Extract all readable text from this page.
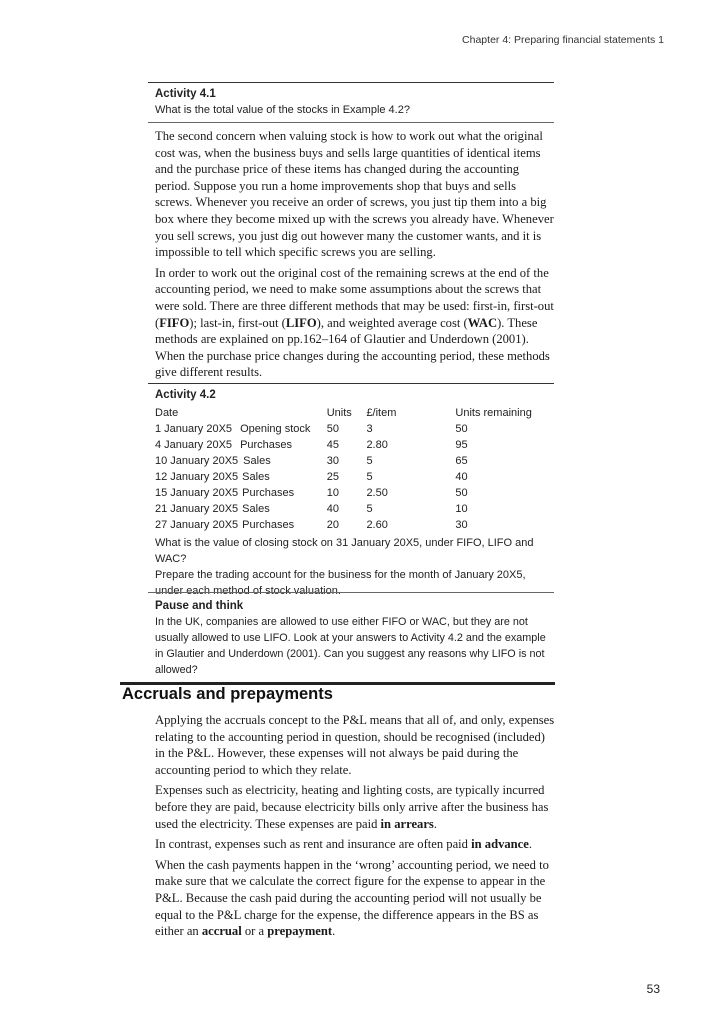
Chapter 4: Preparing financial statements 1
Activity 4.1
What is the total value of the stocks in Example 4.2?

The second concern when valuing stock is how to work out what the original cost was, when the business buys and sells large quantities of identical items and the purchase price of these items has changed during the accounting period. Suppose you run a home improvements shop that buys and sells screws. Whenever you receive an order of screws, you just tip them into a big box where they become mixed up with the screws you already have. Whenever you sell screws, you just dig out however many the customer wants, and it is impossible to tell which specific screws you are selling.

In order to work out the original cost of the remaining screws at the end of the accounting period, we need to make some assumptions about the screws that were sold. There are three different methods that may be used: first-in, first-out (FIFO); last-in, first-out (LIFO), and weighted average cost (WAC). These methods are explained on pp.162–164 of Glautier and Underdown (2001). When the purchase price changes during the accounting period, these methods give different results.

Activity 4.2
Date	Units	£/item	Units remaining
1 January 20X5 Opening stock	50	3	50
4 January 20X5 Purchases	45	2.80	95
10 January 20X5 Sales	30	5	65
12 January 20X5 Sales	25	5	40
15 January 20X5 Purchases	10	2.50	50
21 January 20X5 Sales	40	5	10
27 January 20X5 Purchases	20	2.60	30
What is the value of closing stock on 31 January 20X5, under FIFO, LIFO and WAC?
Prepare the trading account for the business for the month of January 20X5, under each method of stock valuation.
Pause and think
In the UK, companies are allowed to use either FIFO or WAC, but they are not usually allowed to use LIFO. Look at your answers to Activity 4.2 and the example in Glautier and Underdown (2001). Can you suggest any reasons why LIFO is not allowed?
Accruals and prepayments

Applying the accruals concept to the P&L means that all of, and only, expenses relating to the accounting period in question, should be recognised (included) in the P&L. However, these expenses will not always be paid during the accounting period to which they relate.

Expenses such as electricity, heating and lighting costs, are typically incurred before they are paid, because electricity bills only arrive after the business has used the electricity. These expenses are paid in arrears.

In contrast, expenses such as rent and insurance are often paid in advance.

When the cash payments happen in the ‘wrong’ accounting period, we need to make sure that we calculate the correct figure for the expense to appear in the P&L. Because the cash paid during the accounting period will not usually be equal to the P&L charge for the expense, the difference appears in the BS as either an accrual or a prepayment.

53
